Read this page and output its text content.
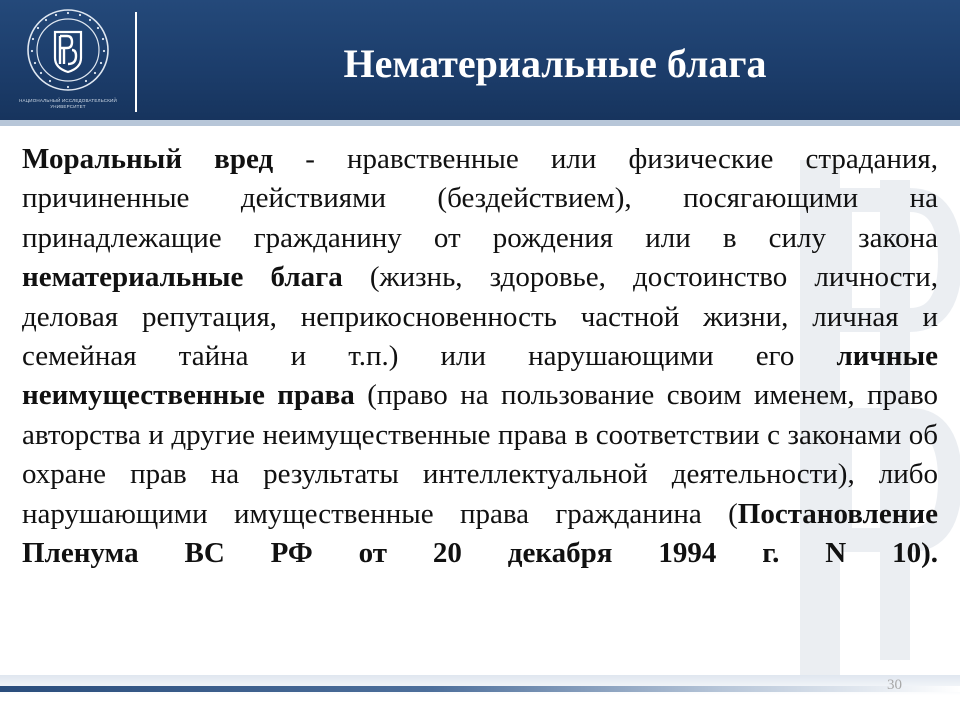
НАЦИОНАЛЬНЫЙ ИССЛЕДОВАТЕЛЬСКИЙ УНИВЕРСИТЕТ
Нематериальные блага

Моральный вред - нравственные или физические страдания, причиненные действиями (бездействием), посягающими на принадлежащие гражданину от рождения или в силу закона нематериальные блага (жизнь, здоровье, достоинство личности, деловая репутация, неприкосновенность частной жизни, личная и семейная тайна и т.п.) или нарушающими его личные неимущественные права (право на пользование своим именем, право авторства и другие неимущественные права в соответствии с законами об охране прав на результаты интеллектуальной деятельности), либо нарушающими имущественные права гражданина (Постановление Пленума ВС РФ от 20 декабря 1994 г. N 10).

30
